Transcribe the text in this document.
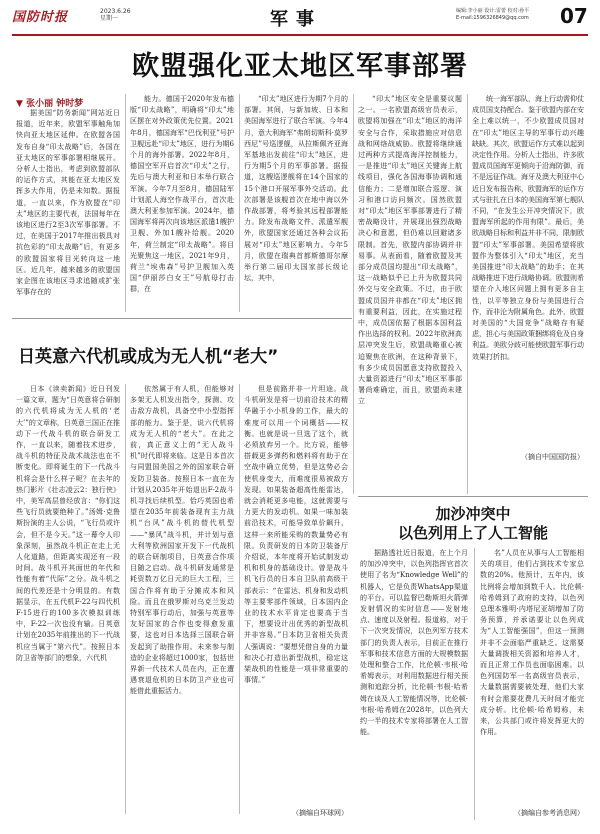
国防时报	2023.6.26
星期一	军事	编辑:李小丽 设计:雷蕾 校对:孙平
E-mail:1596326849@qq.com	07
欧盟强化亚太地区军事部署
▼ 张小丽 钟时梦

据美国“防务新闻”网站近日报道，近年来，欧盟军事触角加快向亚太地区延伸。在欧盟各国发布自身“印太战略”后，各国在亚太地区的军事部署相继展开。分析人士指出，考虑到欧盟部队的运作方式，其能在亚太地区发挥多大作用，仍是未知数。据报道，一直以来，作为欧盟在“印太”地区的主要代表，法国每年在该地区进行2至3次军事部署。不过，在美国于2017年推出极具对抗色彩的“印太战略”后，有更多的欧盟国家将目光转向这一地区。近几年，越来越多的欧盟国家企图在该地区寻求追随或扩张军事存在的

能力。德国于2020年发布德版“印太战略”，明确将“印太”地区摆在对外政策优先位置。2021年8月，德国海军“巴伐利亚”号护卫舰远赴“印太”地区，进行为期6个月的海外部署。2022年8月，德国空军开启首次“印太”之行，先后与澳大利亚和日本举行联合军演。今年7月至8月，德国陆军计划派人海空作战平台，首次赴澳大利亚参加军演。2024年，德国海军将再次向该地区派遣1艘护卫舰、外加1艘补给舰。2020年，荷兰制定“印太战略”。将目光聚焦这一地区。2021年9月，荷兰“埃弗森”号护卫舰加入英国“伊丽莎白女王”号航母打击群，在

“印太”地区进行为期7个月的部署。其间，与新加坡、日本和美国海军进行了联合军演。今年4月，意大利海军“弗朗切斯科·莫罗西尼”号巡逻舰，从拉斯佩齐亚海军基地出发前往“印太”地区，进行为期5个月的军事部署。据报道，这艘巡逻舰将在14个国家的15个港口开展军事外交活动。此次部署是该舰首次在地中海以外作战部署，将考验其远程部署能力。除发布战略文件、派遣军舰外，欧盟国家还通过各种会议拓展对“印太”地区影响力。今年5月，欧盟在瑞典首都斯德哥尔摩举行第二届印太国家部长级论坛，其中，

“印太”地区安全是重要议题之一。一名欧盟高级官员表示，欧盟将加强在“印太”地区的海洋安全与合作，采取措施应对信息战和网络战威胁。欧盟将继续通过两种方式提高海洋控制能力，一是推进“印太”地区关键海上航线项目，强化各国海事协调和通信能力；二是增加联合巡逻、演习和港口访问频次。国然欧盟对“印太”地区军事部署进行了精密战略设计，并展现出强烈战略决心和意愿，但仍难以回避诸多限制。首先，欧盟内部协调并非易事。从表面看，随着欧盟及其部分成员国均提出“印太战略”，这一战略似乎已上升为欧盟共同外交与安全政策。不过，由于欧盟成员国并非都在“印太”地区拥有重要利益，因此，在实施过程中，成员国依据了根据本国利益作出选择的权利。2022年欧洲高层冲突发生后，欧盟战略重心被迫聚焦在欧洲，在这种背景下，有多少成员国愿意支持欧盟投入大量资源进行“印太”地区军事部署尚难确定，而且，欧盟尚未建立

统一海军部队，海上行动需仰仗成员国支持配合。鉴于欧盟内部在安全上难以统一，不少欧盟成员国对在“印太”地区主导的军事行动兴趣缺缺。其次，欧盟运作方式难以起到决定性作用。分析人士指出，许多欧盟成员国海军更倾向于沿海防御，而不是远征作战。海牙及澳大利亚中心近日发布报告称，欧盟海军的运作方式与驻扎在日本的美国海军第七舰队不同，“在发生公开冲突情况下，欧盟海军所起的作用有限”。最后，美欧战略目标和利益并非不同，限制欧盟“印太”军事部署。美国希望将欧盟作为整体引入“印太”地区，充当美国推进“印太战略”的助手；在其战略推进下进行战略协调。欧盟则希望在介入地区问题上拥有更多自主性，以平等独立身份与美国进行合作，而非沦为附属角色。此外，欧盟对美国的“大国竞争”战略存有疑虑，担心与美国政策捆绑将危及自身利益。美欧分歧可能使欧盟军事行动效果打折扣。

（摘自中国国防报）
日英意六代机或成为无人机“老大”

日本《读卖新闻》近日刊发一篇文章，题为“日英意将合研制的六代机将成为无人机的‘老大’”的文章称，日英意三国正在推动下一代战斗机的联合研发工作，一直以来，随着技术进步，战斗机的特征及战术战法也在不断变化。即将诞生的下一代战斗机将会是什么样子呢？在去年的热门影片《壮志凌云2：独行侠》中，美军高层曾经放言：“你们这些飞行员就要绝种了。”汤姆·克鲁斯扮演的主人公说，“飞行员或许会，但不是今天。”这一幕令人印象深刻，虽然战斗机正在走上无人化道路，但距离实现还有一段时间。战斗机开其面世的年代和性能有着“代际”之分。战斗机之间的代差还是十分明显的。有数据显示，在五代机F-22与四代机F-15进行的100多次模拟训练中，F-22一次也没有输。日英意计划在2035年前推出的下一代战机应当属于“第六代”。按照日本防卫省等部门的想象，六代机

依然属于有人机，但能够对多架无人机发出指令，探测、攻击敌方战机，具备空中小型指挥部的能力。鉴于是，说六代机将成为无人机的“老大”。在此之前，真正意义上的“无人战斗机”时代即将来临。这是日本首次与同盟国美国之外的国家联合研发防卫装备。按照日本一直在为计划从2035年开始退出F-2战斗机寻找后续机型。恰巧英国也希望在2035年前装备现有主力战机“台风”战斗机的替代机型——“暴风”战斗机，并计划与意大利等欧洲国家开发下一代战机的联合研制项目，日英意合作项目随之启动。战斗机研发通常是耗资数万亿日元的巨大工程，三国合作将有助于分摊成本和风险。而且在俄罗斯对乌克兰发动特别军事行动后，加强与英意等友好国家的合作也变得愈发重要，这也对日本选择三国联合研发起到了助推作用。未来参与制造的企业将超过1000家，包括世界新一代技术人员在内，正在遭遇衰退危机的日本防卫产业也可能借此重振活力。

但是前路并非一片坦途。战斗机研发是将一切前沿技术的精华融于小小机身的工作，最大的难度可以用一个词概括——权衡。也就是说一旦选了这个，就必须放弃另一个。比方说，能够搭载更多弹药和燃料将有助于在空战中确立优势，但是这势必会使机身变大，而难度很易被敌方发现。如果装备超高性能雷达，就会消耗更多电能，这就需要与力更大的发动机。如果一味加装前沿技术，可能导致单价飙升，这样一来所能采购的数量势必有限。负责研发的日本防卫装备厅介绍说，本年度将开始试制发动机和机身的基础设计。曾是战斗机飞行员的日本自卫队前高级干部表示：“在雷达、机身和发动机等主要零部件领域，日本国内企业的技术水平肯定也要高于当下，想要设计出优秀的新型战机并非容易。”日本防卫省相关负责人强调说：“要想凭借自身的力量和决心打造出新型战机，稳定这架战机的性能是一项非常重要的事情。”

（摘编自环球网）
加沙冲突中
以色列用上了人工智能

据路透社近日报道，在上个月的加沙冲突中，以色列指挥官首次使用了名为“Knowledge Well”的机器人，它是负责WhatsApp渠道的平台。可以监督巴勒斯坦火箭弹发射情况的实时信息——发射地点、速度以及射程。报道称，对于下一次突发情况，以色列军方技术部门的负责人表示，目前正在推行军事和技术信息方面的大规模数据处理和整合工作，比伦顿·韦根·哈希姆表示，对利用数据进行相关预测和追踪分析，比伦顿·韦根·哈希姆在谈及人工智能情况等，比伦顿·韦根·哈希姆在2028年，以色列大约一半的技术专家将部署在人工智能。

名”人员在从事与人工智能相关的项目，他们占到技术专家总数的20%。他预计，五年内，该比例将会增加到数千人。比伦顿·哈希姆到了政府的支持，以色列总理本雅明·内塔尼亚胡增加了防务预算，并承诺要让以色列成为“人工智能强国”，但这一预测并非不会面临严重缺乏。这需要大量调拨相关资源和培养人才，而且正常工作员也面临困难。以色列国防军一名高级官员表示，大量数据需要被处理，他们大家有时会需要花费几天时间才能完成分析。比伦顿·哈希姆称，未来，公共部门或许将发挥更大的作用。

（摘编自参考消息网）
